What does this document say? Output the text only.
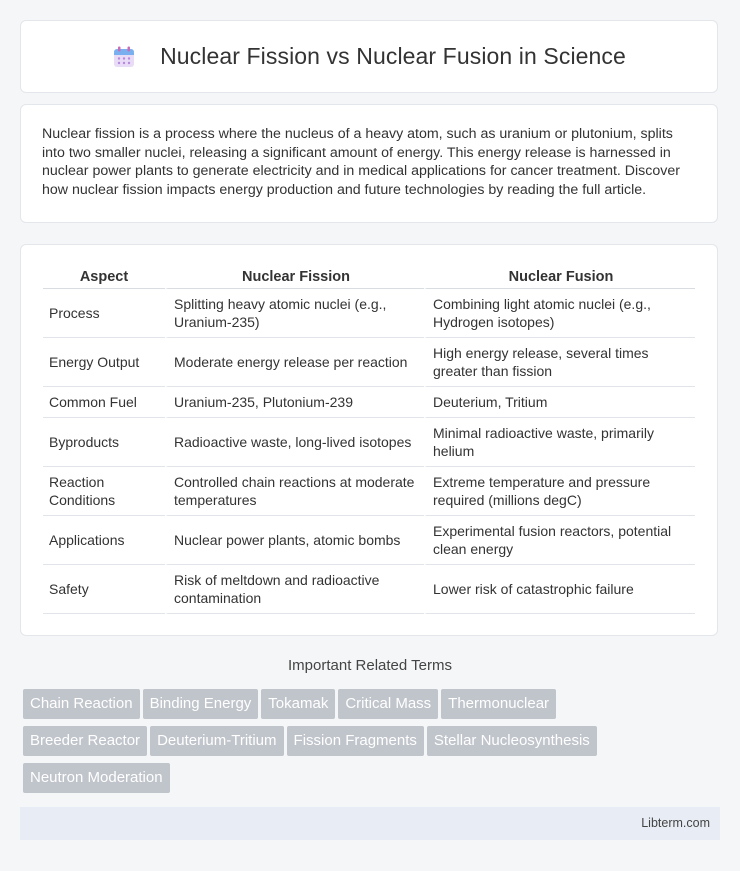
Nuclear Fission vs Nuclear Fusion in Science

Nuclear fission is a process where the nucleus of a heavy atom, such as uranium or plutonium, splits into two smaller nuclei, releasing a significant amount of energy. This energy release is harnessed in nuclear power plants to generate electricity and in medical applications for cancer treatment. Discover how nuclear fission impacts energy production and future technologies by reading the full article.

Aspect	Nuclear Fission	Nuclear Fusion
Process	Splitting heavy atomic nuclei (e.g., Uranium-235)	Combining light atomic nuclei (e.g., Hydrogen isotopes)
Energy Output	Moderate energy release per reaction	High energy release, several times greater than fission
Common Fuel	Uranium-235, Plutonium-239	Deuterium, Tritium
Byproducts	Radioactive waste, long-lived isotopes	Minimal radioactive waste, primarily helium
Reaction Conditions	Controlled chain reactions at moderate temperatures	Extreme temperature and pressure required (millions degC)
Applications	Nuclear power plants, atomic bombs	Experimental fusion reactors, potential clean energy
Safety	Risk of meltdown and radioactive contamination	Lower risk of catastrophic failure
Important Related Terms
Chain Reaction Binding Energy Tokamak Critical Mass Thermonuclear
Breeder Reactor Deuterium-Tritium Fission Fragments Stellar Nucleosynthesis
Neutron Moderation
Libterm.com
